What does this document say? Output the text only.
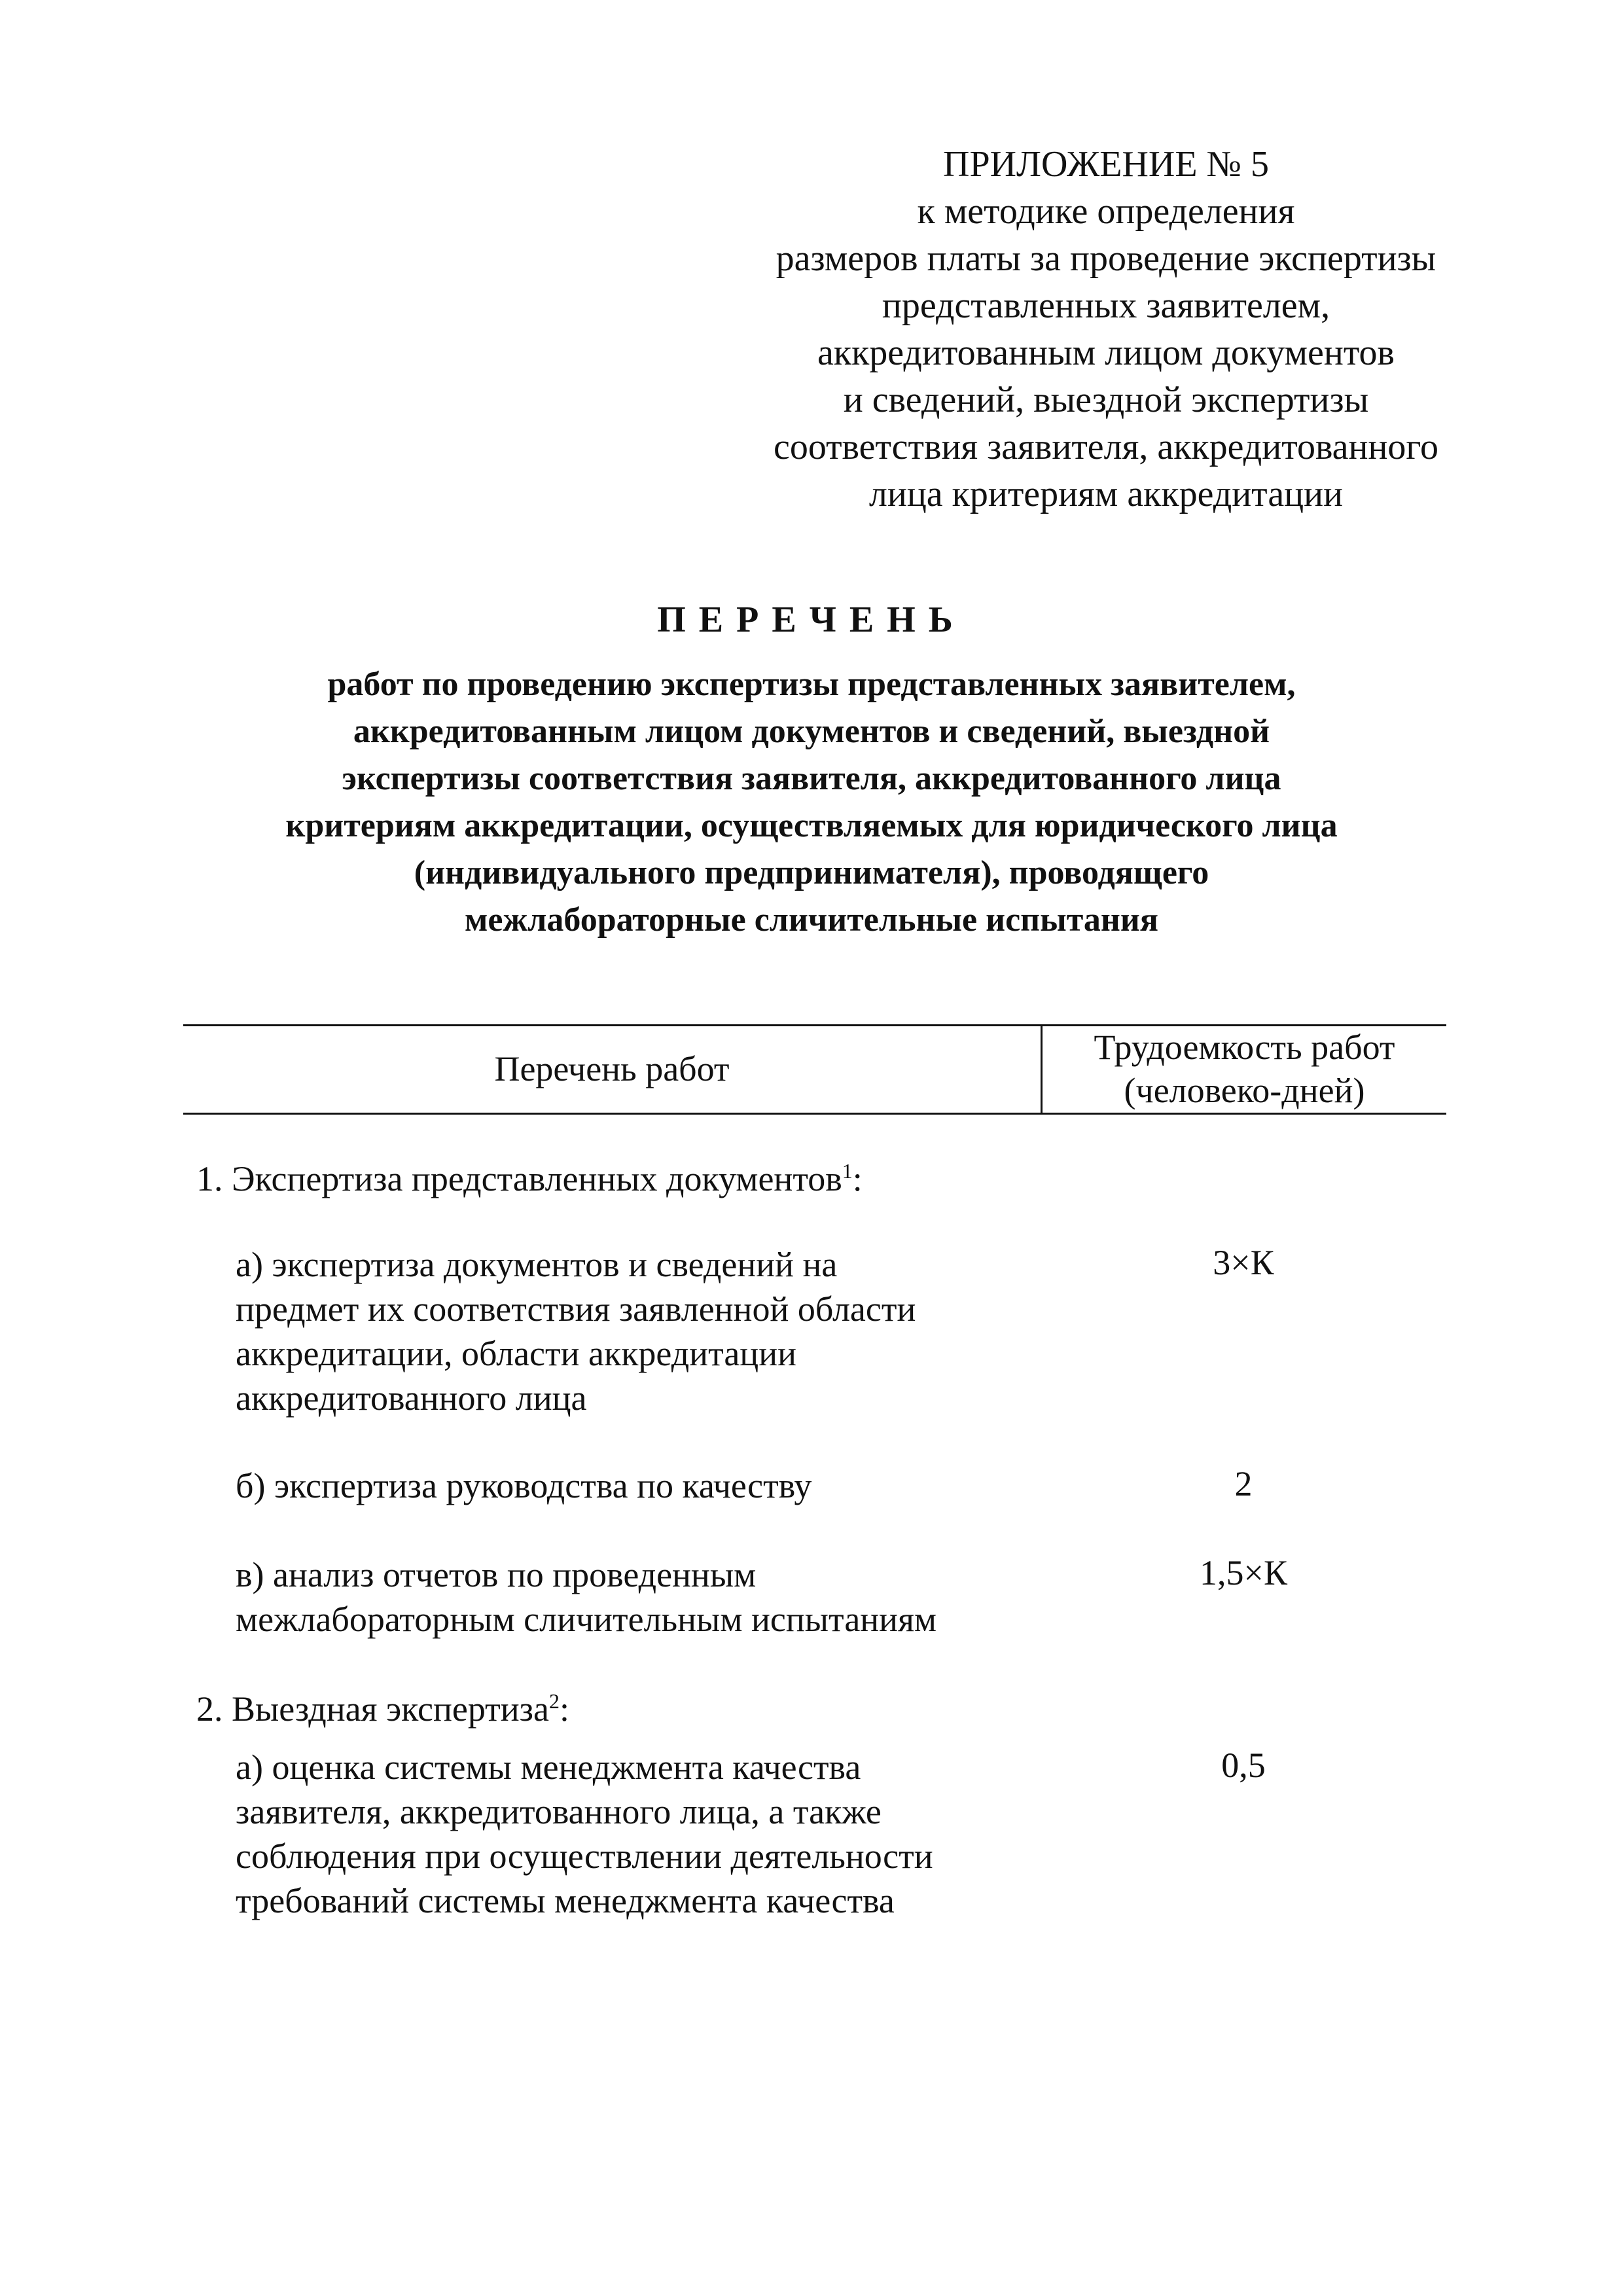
ПРИЛОЖЕНИЕ № 5
к методике определения
размеров платы за проведение экспертизы
представленных заявителем,
аккредитованным лицом документов
и сведений, выездной экспертизы
соответствия заявителя, аккредитованного
лица критериям аккредитации
ПЕРЕЧЕНЬ
работ по проведению экспертизы представленных заявителем,
аккредитованным лицом документов и сведений, выездной
экспертизы соответствия заявителя, аккредитованного лица
критериям аккредитации, осуществляемых для юридического лица
(индивидуального предпринимателя), проводящего
межлабораторные сличительные испытания
Перечень работ
Трудоемкость работ
(человеко-дней)
1. Экспертиза представленных документов$^1$:
а) экспертиза документов и сведений на
предмет их соответствия заявленной области
аккредитации, области аккредитации
аккредитованного лица
3×К
б) экспертиза руководства по качеству	2
в) анализ отчетов по проведенным
межлабораторным сличительным испытаниям
1,5×К
2. Выездная экспертиза$^2$:
а) оценка системы менеджмента качества
заявителя, аккредитованного лица, а также
соблюдения при осуществлении деятельности
требований системы менеджмента качества
0,5
